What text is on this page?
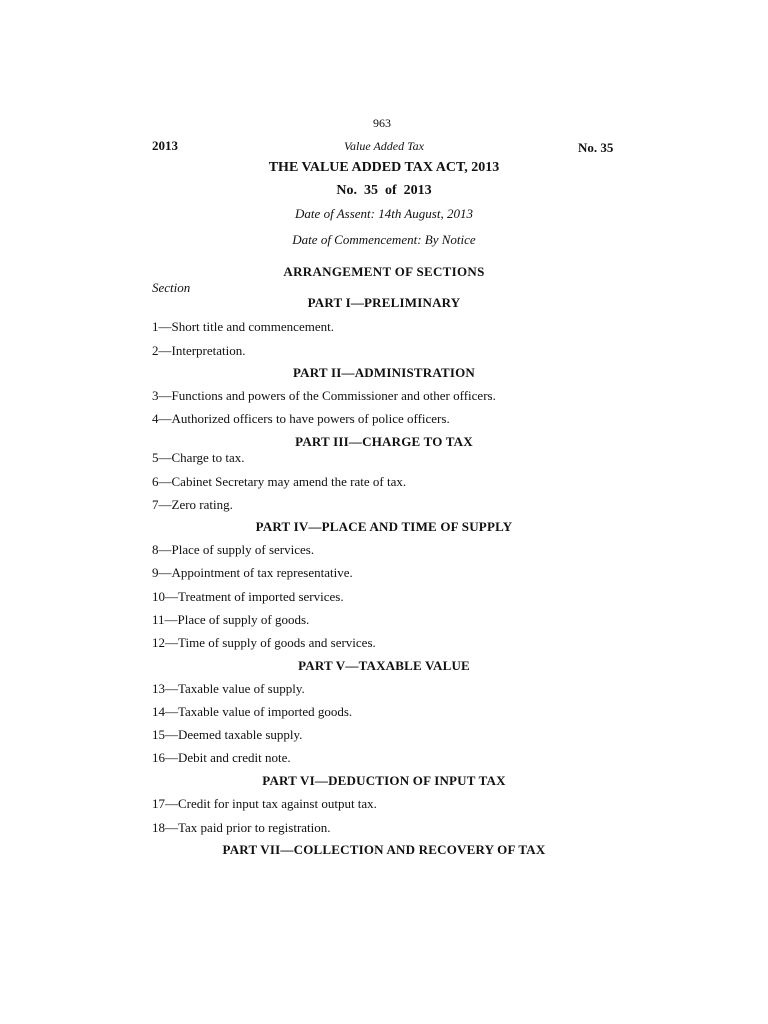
963
2013	Value Added Tax	No. 35
THE VALUE ADDED TAX ACT, 2013
No.  35  of  2013
Date of Assent: 14th August, 2013
Date of Commencement: By Notice
ARRANGEMENT OF SECTIONS
Section
PART I—PRELIMINARY
1—Short title and commencement.
2—Interpretation.
PART II—ADMINISTRATION
3—Functions and powers of the Commissioner and other officers.
4—Authorized officers to have powers of police officers.
PART III—CHARGE TO TAX
5—Charge to tax.
6—Cabinet Secretary may amend the rate of tax.
7—Zero rating.
PART IV—PLACE AND TIME OF SUPPLY
8—Place of supply of services.
9—Appointment of tax representative.
10—Treatment of imported services.
11—Place of supply of goods.
12—Time of supply of goods and services.
PART V—TAXABLE VALUE
13—Taxable value of supply.
14—Taxable value of imported goods.
15—Deemed taxable supply.
16—Debit and credit note.
PART VI—DEDUCTION OF INPUT TAX
17—Credit for input tax against output tax.
18—Tax paid prior to registration.
PART VII—COLLECTION AND RECOVERY OF TAX
